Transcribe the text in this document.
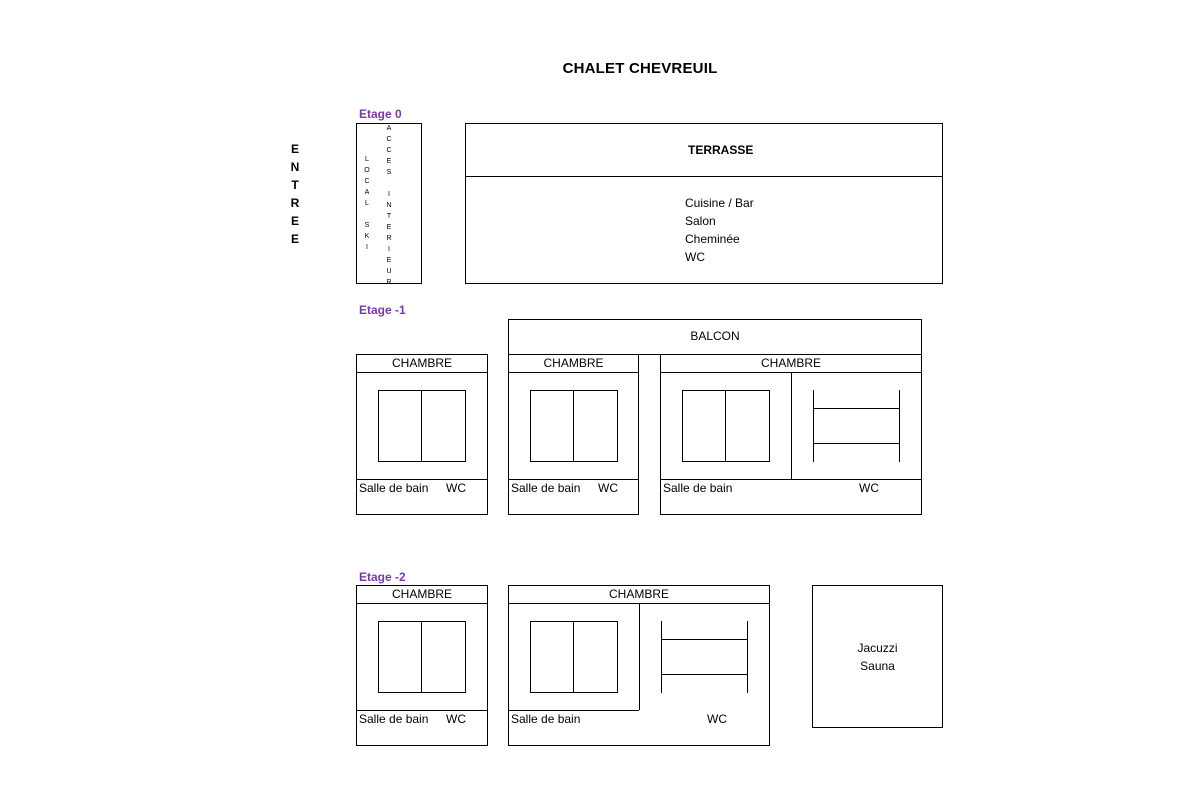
CHALET CHEVREUIL
E
N
T
R
E
E
Etage 0
L
O
C
A
L

S
K
I
A
C
C
E
S

I
N
T
E
R
I
E
U
R
TERRASSE
Cuisine / Bar
Salon
Cheminée
WC
Etage -1
BALCON
CHAMBRE
Salle de bain WC
CHAMBRE
Salle de bain WC
CHAMBRE
Salle de bain	WC
Etage -2
CHAMBRE
Salle de bain WC
CHAMBRE
Salle de bain	WC
Jacuzzi
Sauna
